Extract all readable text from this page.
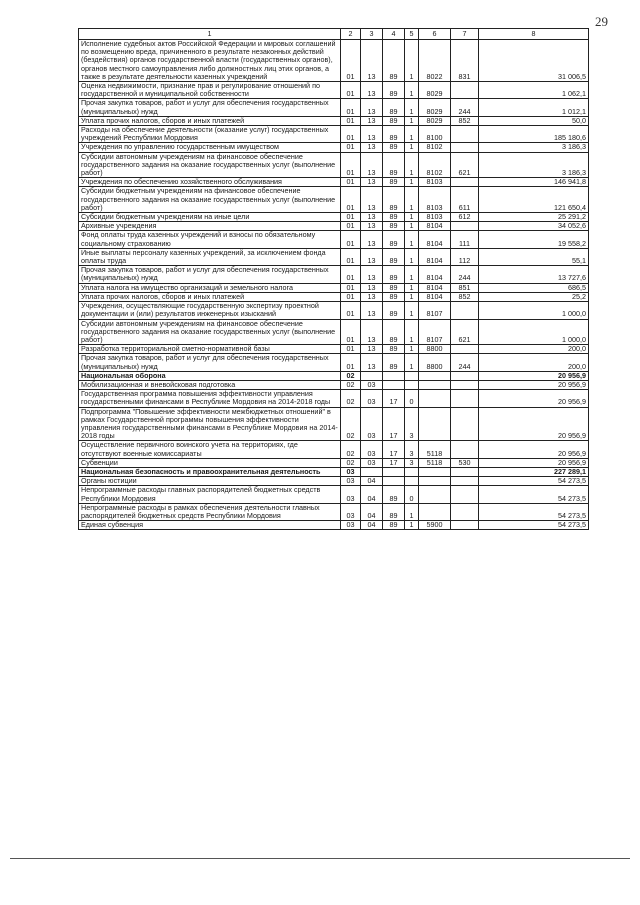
29
1	2	3	4	5	6	7	8
Исполнение судебных актов Российской Федерации и мировых соглашений по возмещению вреда, причиненного в результате незаконных действий (бездействия) органов государственной власти (государственных органов), органов местного самоуправления либо должностных лиц этих органов, а также в результате деятельности казенных учреждений	01	13	89	1	8022	831	31 006,5
Оценка недвижимости, признание прав и регулирование отношений по государственной и муниципальной собственности	01	13	89	1	8029		1 062,1
Прочая закупка товаров, работ и услуг для обеспечения государственных (муниципальных) нужд	01	13	89	1	8029	244	1 012,1
Уплата прочих налогов, сборов и иных платежей	01	13	89	1	8029	852	50,0
Расходы на обеспечение деятельности (оказание услуг) государственных учреждений Республики Мордовия	01	13	89	1	8100		185 180,6
Учреждения по управлению государственным имуществом	01	13	89	1	8102		3 186,3
Субсидии автономным учреждениям на финансовое обеспечение государственного задания на оказание государственных услуг (выполнение работ)	01	13	89	1	8102	621	3 186,3
Учреждения по обеспечению хозяйственного обслуживания	01	13	89	1	8103		146 941,8
Субсидии бюджетным учреждениям на финансовое обеспечение государственного задания на оказание государственных услуг (выполнение работ)	01	13	89	1	8103	611	121 650,4
Субсидии бюджетным учреждениям на иные цели	01	13	89	1	8103	612	25 291,2
Архивные учреждения	01	13	89	1	8104		34 052,6
Фонд оплаты труда казенных учреждений и взносы по обязательному социальному страхованию	01	13	89	1	8104	111	19 558,2
Иные выплаты персоналу казенных учреждений, за исключением фонда оплаты труда	01	13	89	1	8104	112	55,1
Прочая закупка товаров, работ и услуг для обеспечения государственных (муниципальных) нужд	01	13	89	1	8104	244	13 727,6
Уплата налога на имущество организаций и земельного налога	01	13	89	1	8104	851	686,5
Уплата прочих налогов, сборов и иных платежей	01	13	89	1	8104	852	25,2
Учреждения, осуществляющие государственную экспертизу проектной документации и (или) результатов инженерных изысканий	01	13	89	1	8107		1 000,0
Субсидии автономным учреждениям на финансовое обеспечение государственного задания на оказание государственных услуг (выполнение работ)	01	13	89	1	8107	621	1 000,0
Разработка территориальной сметно-нормативной базы	01	13	89	1	8800		200,0
Прочая закупка товаров, работ и услуг для обеспечения государственных (муниципальных) нужд	01	13	89	1	8800	244	200,0
Национальная оборона	02						20 956,9
Мобилизационная и вневойсковая подготовка	02	03					20 956,9
Государственная программа повышения эффективности управления государственными финансами в Республике Мордовия на 2014-2018 годы	02	03	17	0			20 956,9
Подпрограмма "Повышение эффективности межбюджетных отношений" в рамках Государственной программы повышения эффективности управления государственными финансами в Республике Мордовия на 2014-2018 годы	02	03	17	3			20 956,9
Осуществление первичного воинского учета на территориях, где отсутствуют военные комиссариаты	02	03	17	3	5118		20 956,9
Субвенции	02	03	17	3	5118	530	20 956,9
Национальная безопасность и правоохранительная деятельность	03						227 289,1
Органы юстиции	03	04					54 273,5
Непрограммные расходы главных распорядителей бюджетных средств Республики Мордовия	03	04	89	0			54 273,5
Непрограммные расходы в рамках обеспечения деятельности главных распорядителей бюджетных средств Республики Мордовия	03	04	89	1			54 273,5
Единая субвенция	03	04	89	1	5900		54 273,5
